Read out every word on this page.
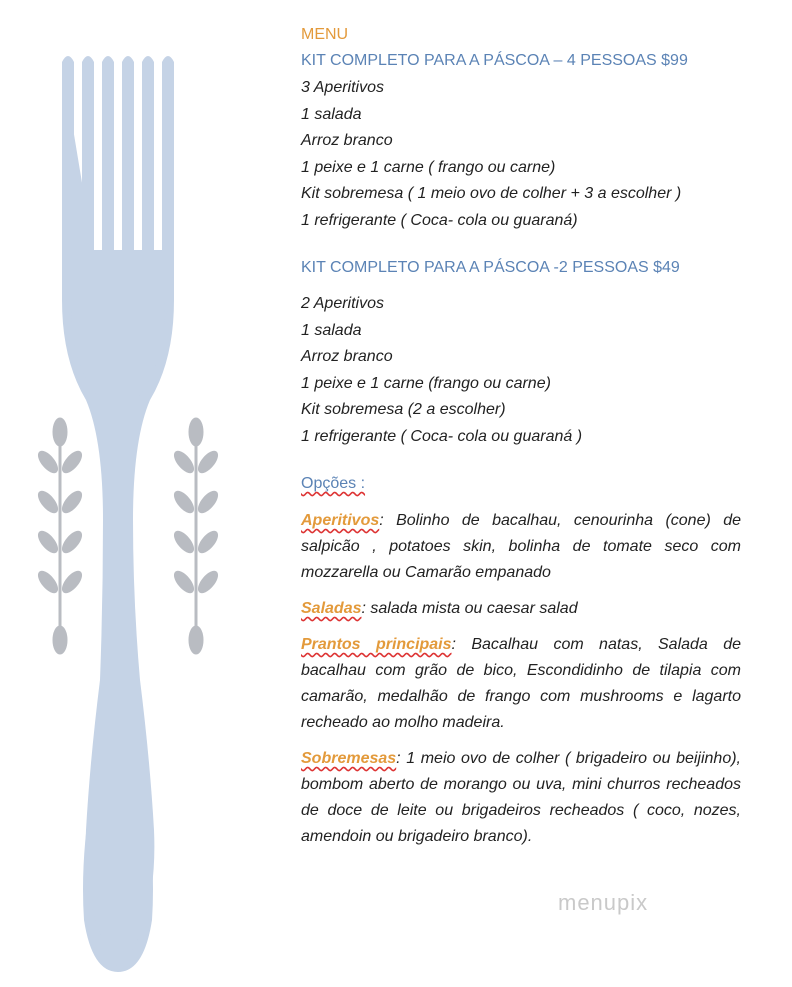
MENU
KIT COMPLETO PARA A PÁSCOA – 4 PESSOAS $99
3 Aperitivos
1 salada
Arroz branco
1 peixe e 1 carne ( frango ou carne)
Kit sobremesa ( 1 meio ovo de colher + 3 a escolher )
1 refrigerante ( Coca- cola ou guaraná)
KIT COMPLETO PARA A PÁSCOA -2 PESSOAS $49
2 Aperitivos
1 salada
Arroz branco
1 peixe e 1 carne (frango ou carne)
Kit sobremesa (2 a escolher)
1 refrigerante ( Coca- cola ou guaraná )
Opções :
Aperitivos: Bolinho de bacalhau, cenourinha (cone) de salpicão , potatoes skin, bolinha de tomate seco com mozzarella ou Camarão empanado
Saladas: salada mista ou caesar salad
Prantos principais: Bacalhau com natas, Salada de bacalhau com grão de bico, Escondidinho de tilapia com camarão, medalhão de frango com mushrooms e lagarto recheado ao molho madeira.
Sobremesas: 1 meio ovo de colher ( brigadeiro ou beijinho), bombom aberto de morango ou uva, mini churros recheados de doce de leite ou brigadeiros recheados ( coco, nozes, amendoin ou brigadeiro branco).
menupix
